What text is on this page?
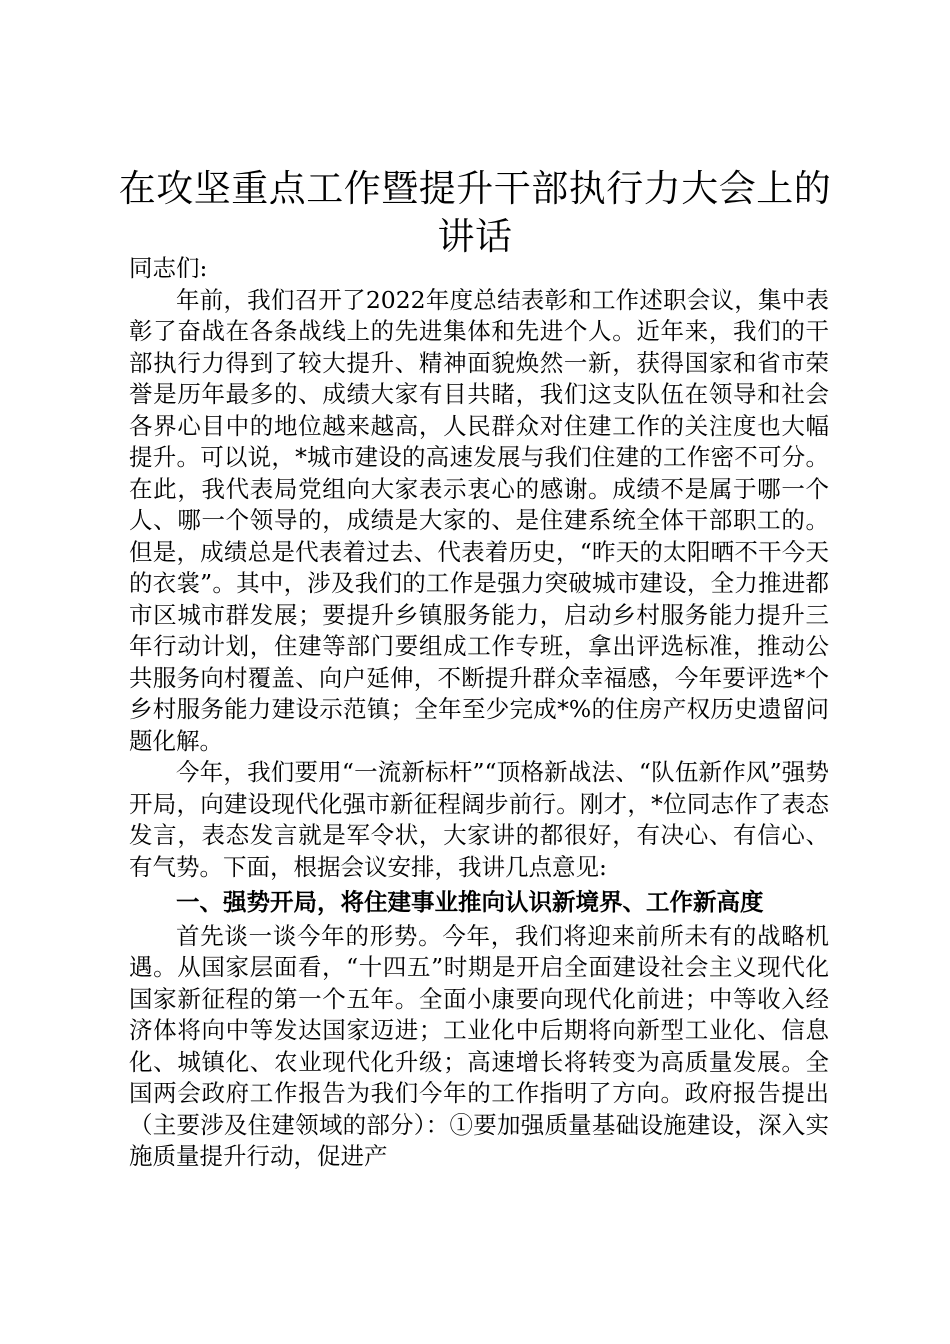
在攻坚重点工作暨提升干部执行力大会上的讲话

同志们:

年前，我们召开了2022年度总结表彰和工作述职会议，集中表彰了奋战在各条战线上的先进集体和先进个人。近年来，我们的干部执行力得到了较大提升、精神面貌焕然一新，获得国家和省市荣誉是历年最多的、成绩大家有目共睹，我们这支队伍在领导和社会各界心目中的地位越来越高，人民群众对住建工作的关注度也大幅提升。可以说，*城市建设的高速发展与我们住建的工作密不可分。在此，我代表局党组向大家表示衷心的感谢。成绩不是属于哪一个人、哪一个领导的，成绩是大家的、是住建系统全体干部职工的。但是，成绩总是代表着过去、代表着历史，“昨天的太阳晒不干今天的衣裳”。其中，涉及我们的工作是强力突破城市建设，全力推进都市区城市群发展；要提升乡镇服务能力，启动乡村服务能力提升三年行动计划，住建等部门要组成工作专班，拿出评选标准，推动公共服务向村覆盖、向户延伸，不断提升群众幸福感，今年要评选*个乡村服务能力建设示范镇；全年至少完成*%的住房产权历史遗留问题化解。

今年，我们要用“一流新标杆”“顶格新战法、“队伍新作风”强势开局，向建设现代化强市新征程阔步前行。刚才，*位同志作了表态发言，表态发言就是军令状，大家讲的都很好，有决心、有信心、有气势。下面，根据会议安排，我讲几点意见:

一、强势开局，将住建事业推向认识新境界、工作新高度

首先谈一谈今年的形势。今年，我们将迎来前所未有的战略机遇。从国家层面看，“十四五”时期是开启全面建设社会主义现代化国家新征程的第一个五年。全面小康要向现代化前进；中等收入经济体将向中等发达国家迈进；工业化中后期将向新型工业化、信息化、城镇化、农业现代化升级；高速增长将转变为高质量发展。全国两会政府工作报告为我们今年的工作指明了方向。政府报告提出（主要涉及住建领域的部分）：①要加强质量基础设施建设，深入实施质量提升行动，促进产
